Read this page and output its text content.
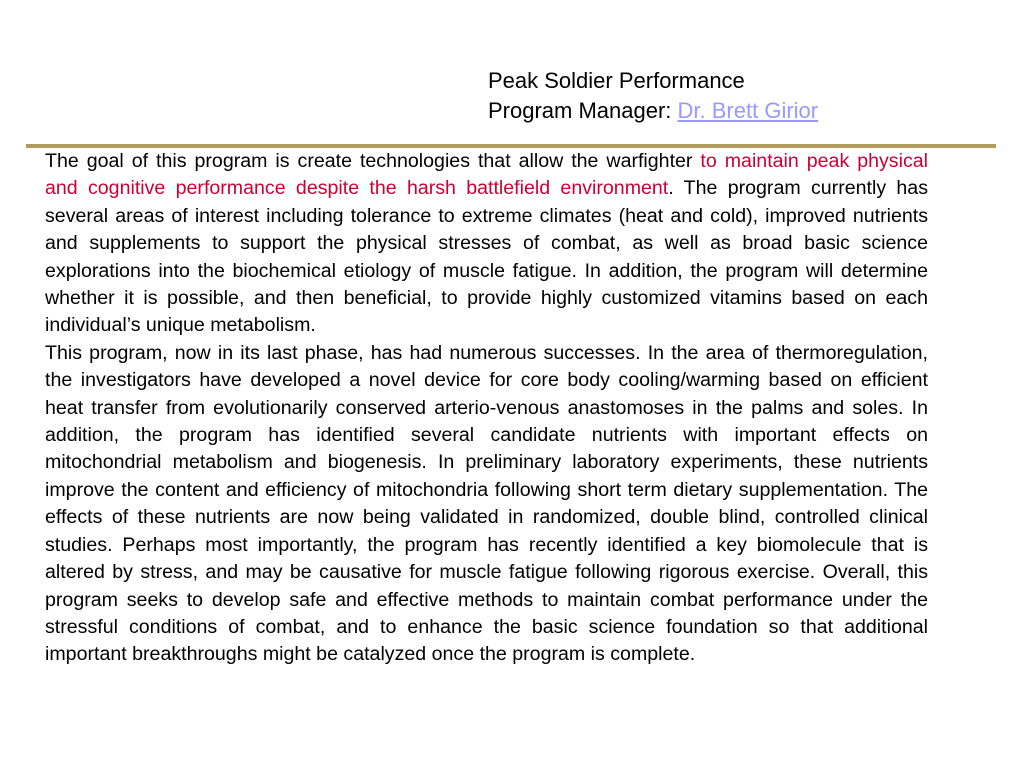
Peak Soldier Performance
Program Manager: Dr. Brett Girior

The goal of this program is create technologies that allow the warfighter to maintain peak physical and cognitive performance despite the harsh battlefield environment. The program currently has several areas of interest including tolerance to extreme climates (heat and cold), improved nutrients and supplements to support the physical stresses of combat, as well as broad basic science explorations into the biochemical etiology of muscle fatigue. In addition, the program will determine whether it is possible, and then beneficial, to provide highly customized vitamins based on each individual’s unique metabolism.

This program, now in its last phase, has had numerous successes. In the area of thermoregulation, the investigators have developed a novel device for core body cooling/warming based on efficient heat transfer from evolutionarily conserved arterio-venous anastomoses in the palms and soles. In addition, the program has identified several candidate nutrients with important effects on mitochondrial metabolism and biogenesis. In preliminary laboratory experiments, these nutrients improve the content and efficiency of mitochondria following short term dietary supplementation. The effects of these nutrients are now being validated in randomized, double blind, controlled clinical studies. Perhaps most importantly, the program has recently identified a key biomolecule that is altered by stress, and may be causative for muscle fatigue following rigorous exercise. Overall, this program seeks to develop safe and effective methods to maintain combat performance under the stressful conditions of combat, and to enhance the basic science foundation so that additional important breakthroughs might be catalyzed once the program is complete.
